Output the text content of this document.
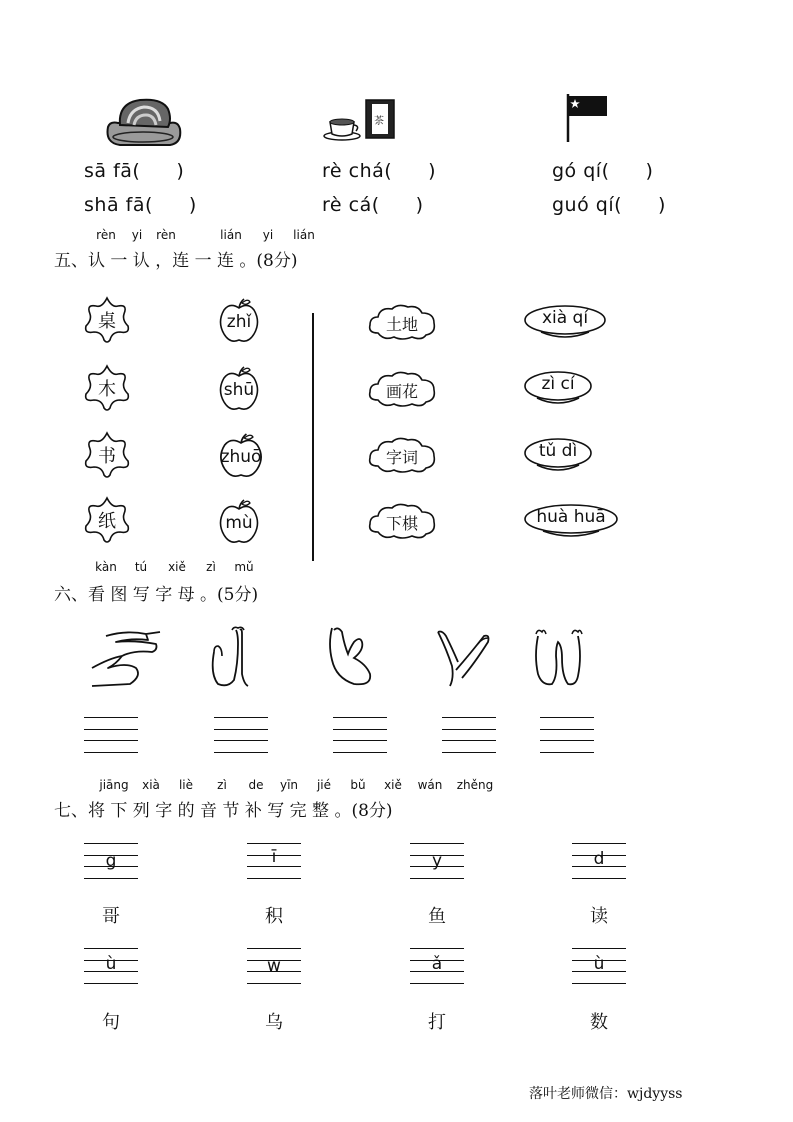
茶
sā fā( )
shā fā( )
rè chá( )
rè cá( )
gó qí( )
guó qí( )
rèn	yi	rèn	lián	yi	lián
五、认 一 认 ，连 一 连 。(8分)
桌
木
书
纸
zhǐ
shū
zhuō
mù
土地
画花
字词
下棋
xià qí
zì cí
tǔ dì
huà huā
kàn	tú	xiě	zì	mǔ
六、看 图 写 字 母 。(5分)
jiāng	xià	liè	zì	de	yīn	jié	bǔ	xiě	wán	zhěng
七、将 下 列 字 的 音 节 补 写 完 整 。(8分)
g	ī	y	d
哥	积	鱼	读
ù	w	ǎ	ù
句	乌	打	数
落叶老师微信：wjdyyss
